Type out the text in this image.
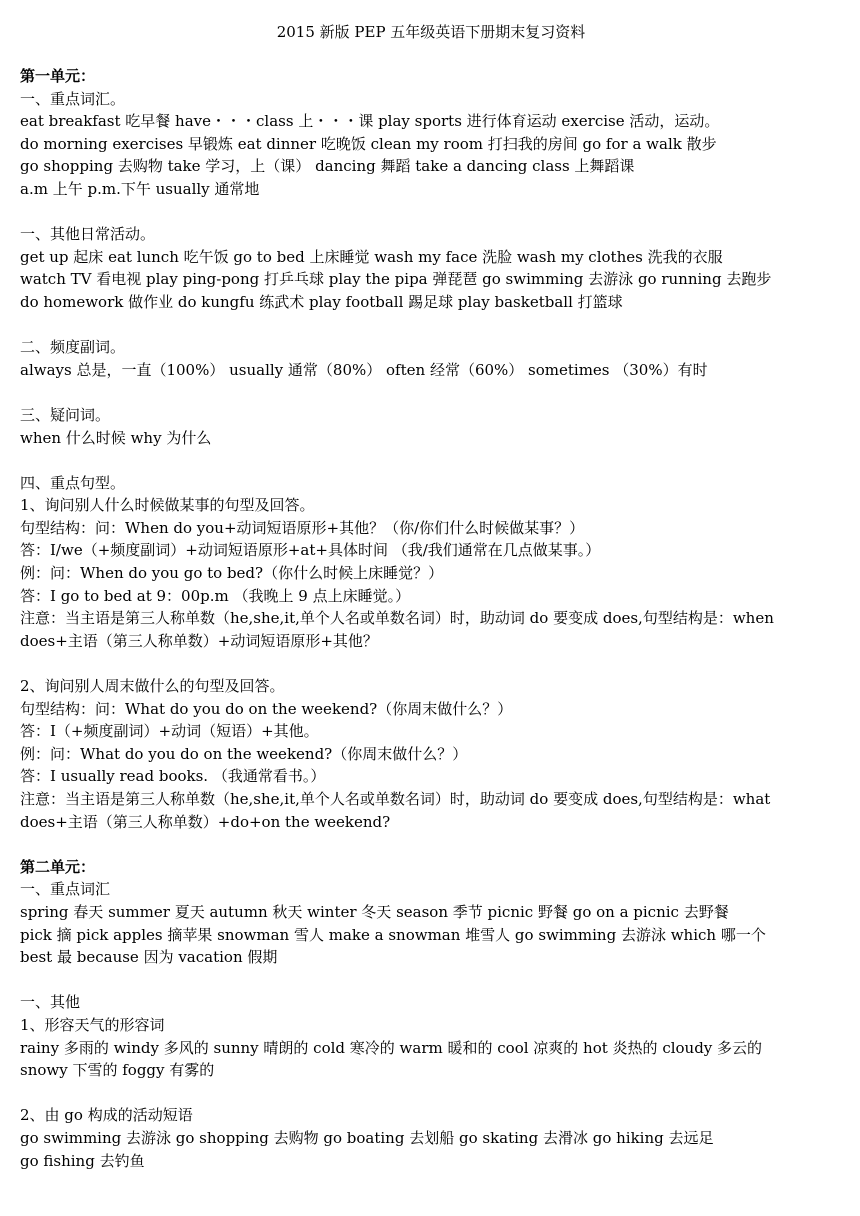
2015 新版 PEP 五年级英语下册期末复习资料
第一单元：
一、重点词汇。
eat breakfast 吃早餐 have・・・class 上・・・课 play sports 进行体育运动 exercise 活动，运动。
do morning exercises 早锻炼 eat dinner 吃晚饭 clean my room 打扫我的房间 go for a walk 散步
go shopping 去购物 take 学习，上（课） dancing 舞蹈 take a dancing class 上舞蹈课
a.m 上午 p.m.下午 usually 通常地
一、其他日常活动。
get up 起床 eat lunch 吃午饭 go to bed 上床睡觉 wash my face 洗脸 wash my clothes 洗我的衣服
watch TV 看电视 play ping-pong 打乒乓球 play the pipa 弹琵琶 go swimming 去游泳 go running 去跑步
do homework 做作业 do kungfu 练武术 play football 踢足球 play basketball 打篮球
二、频度副词。
always 总是，一直（100%） usually 通常（80%） often 经常（60%） sometimes （30%）有时
三、疑问词。
when 什么时候 why 为什么
四、重点句型。
1、询问别人什么时候做某事的句型及回答。
句型结构：问：When do you+动词短语原形+其他？（你/你们什么时候做某事？）
答：I/we（+频度副词）+动词短语原形+at+具体时间 （我/我们通常在几点做某事。）
例：问：When do you go to bed?（你什么时候上床睡觉？）
答：I go to bed at 9：00p.m （我晚上 9 点上床睡觉。）
注意：当主语是第三人称单数（he,she,it,单个人名或单数名词）时，助动词 do 要变成 does,句型结构是：when
does+主语（第三人称单数）+动词短语原形+其他？
2、询问别人周末做什么的句型及回答。
句型结构：问：What do you do on the weekend?（你周末做什么？）
答：I（+频度副词）+动词（短语）+其他。
例：问：What do you do on the weekend?（你周末做什么？）
答：I usually read books. （我通常看书。）
注意：当主语是第三人称单数（he,she,it,单个人名或单数名词）时，助动词 do 要变成 does,句型结构是：what
does+主语（第三人称单数）+do+on the weekend?
第二单元：
一、重点词汇
spring 春天 summer 夏天 autumn 秋天 winter 冬天 season 季节 picnic 野餐 go on a picnic 去野餐
pick 摘 pick apples 摘苹果 snowman 雪人 make a snowman 堆雪人 go swimming 去游泳 which 哪一个
best 最 because 因为 vacation 假期
一、其他
1、形容天气的形容词
rainy 多雨的 windy 多风的 sunny 晴朗的 cold 寒冷的 warm 暖和的 cool 凉爽的 hot 炎热的 cloudy 多云的
snowy 下雪的 foggy 有雾的
2、由 go 构成的活动短语
go swimming 去游泳 go shopping 去购物 go boating 去划船 go skating 去滑冰 go hiking 去远足
go fishing 去钓鱼
